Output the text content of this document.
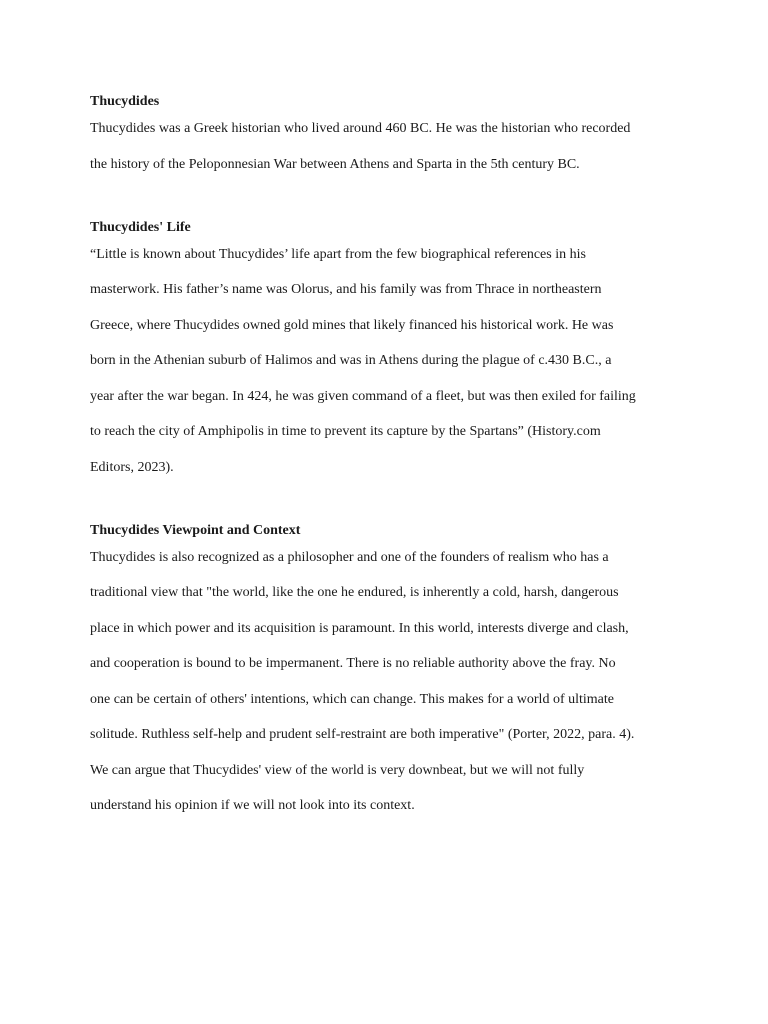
Thucydides

Thucydides was a Greek historian who lived around 460 BC. He was the historian who recorded
the history of the Peloponnesian War between Athens and Sparta in the 5th century BC.

Thucydides' Life

“Little is known about Thucydides’ life apart from the few biographical references in his
masterwork. His father’s name was Olorus, and his family was from Thrace in northeastern
Greece, where Thucydides owned gold mines that likely financed his historical work. He was
born in the Athenian suburb of Halimos and was in Athens during the plague of c.430 B.C., a
year after the war began. In 424, he was given command of a fleet, but was then exiled for failing
to reach the city of Amphipolis in time to prevent its capture by the Spartans” (History.com
Editors, 2023).

Thucydides Viewpoint and Context

Thucydides is also recognized as a philosopher and one of the founders of realism who has a
traditional view that "the world, like the one he endured, is inherently a cold, harsh, dangerous
place in which power and its acquisition is paramount. In this world, interests diverge and clash,
and cooperation is bound to be impermanent. There is no reliable authority above the fray. No
one can be certain of others' intentions, which can change. This makes for a world of ultimate
solitude. Ruthless self-help and prudent self-restraint are both imperative" (Porter, 2022, para. 4).
We can argue that Thucydides' view of the world is very downbeat, but we will not fully
understand his opinion if we will not look into its context.
